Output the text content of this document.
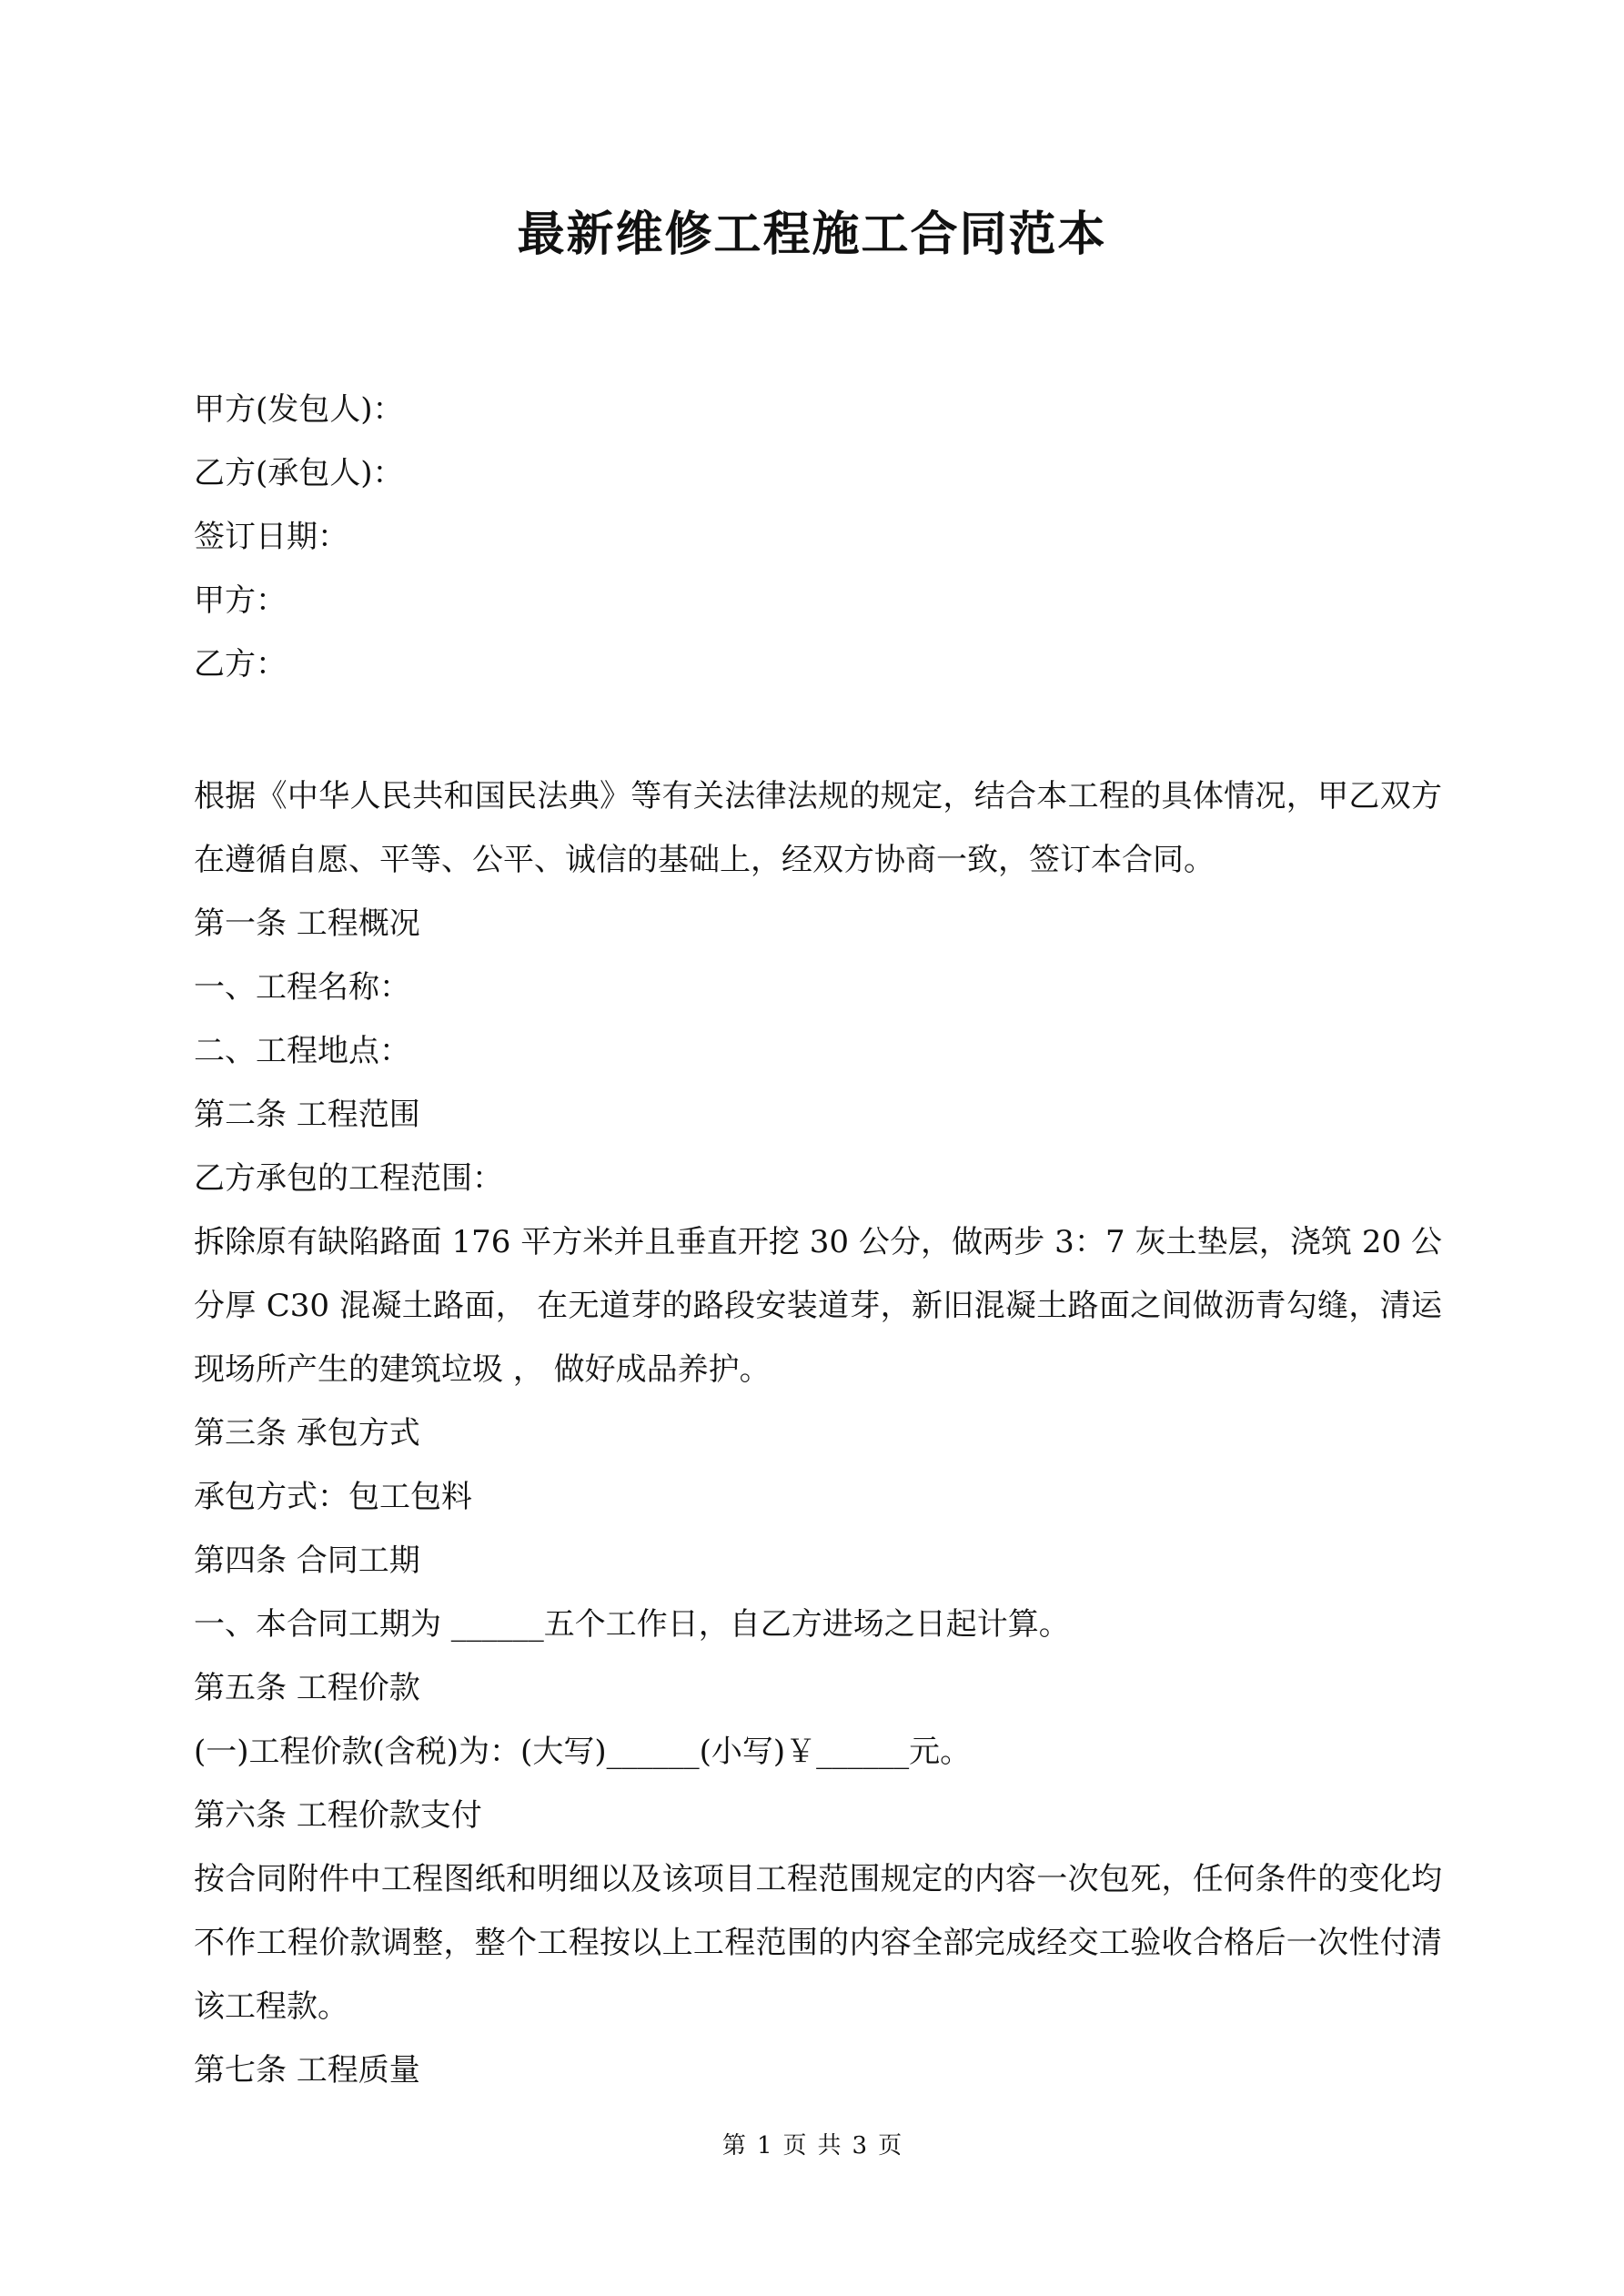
最新维修工程施工合同范本
甲方(发包人)：
乙方(承包人)：
签订日期：
甲方：
乙方：
根据《中华人民共和国民法典》等有关法律法规的规定，结合本工程的具体情况，甲乙双方在遵循自愿、平等、公平、诚信的基础上，经双方协商一致，签订本合同。
第一条 工程概况
一、工程名称：
二、工程地点：
第二条 工程范围
乙方承包的工程范围：
拆除原有缺陷路面 176 平方米并且垂直开挖 30 公分，做两步 3：7 灰土垫层，浇筑 20 公分厚 C30 混凝土路面， 在无道芽的路段安装道芽，新旧混凝土路面之间做沥青勾缝，清运现场所产生的建筑垃圾 ， 做好成品养护。
第三条 承包方式
承包方式：包工包料
第四条 合同工期
一、本合同工期为 ______五个工作日，自乙方进场之日起计算。
第五条 工程价款
(一)工程价款(含税)为：(大写)______(小写)￥______元。
第六条 工程价款支付
按合同附件中工程图纸和明细以及该项目工程范围规定的内容一次包死，任何条件的变化均不作工程价款调整，整个工程按以上工程范围的内容全部完成经交工验收合格后一次性付清该工程款。
第七条 工程质量
第 1 页 共 3 页
